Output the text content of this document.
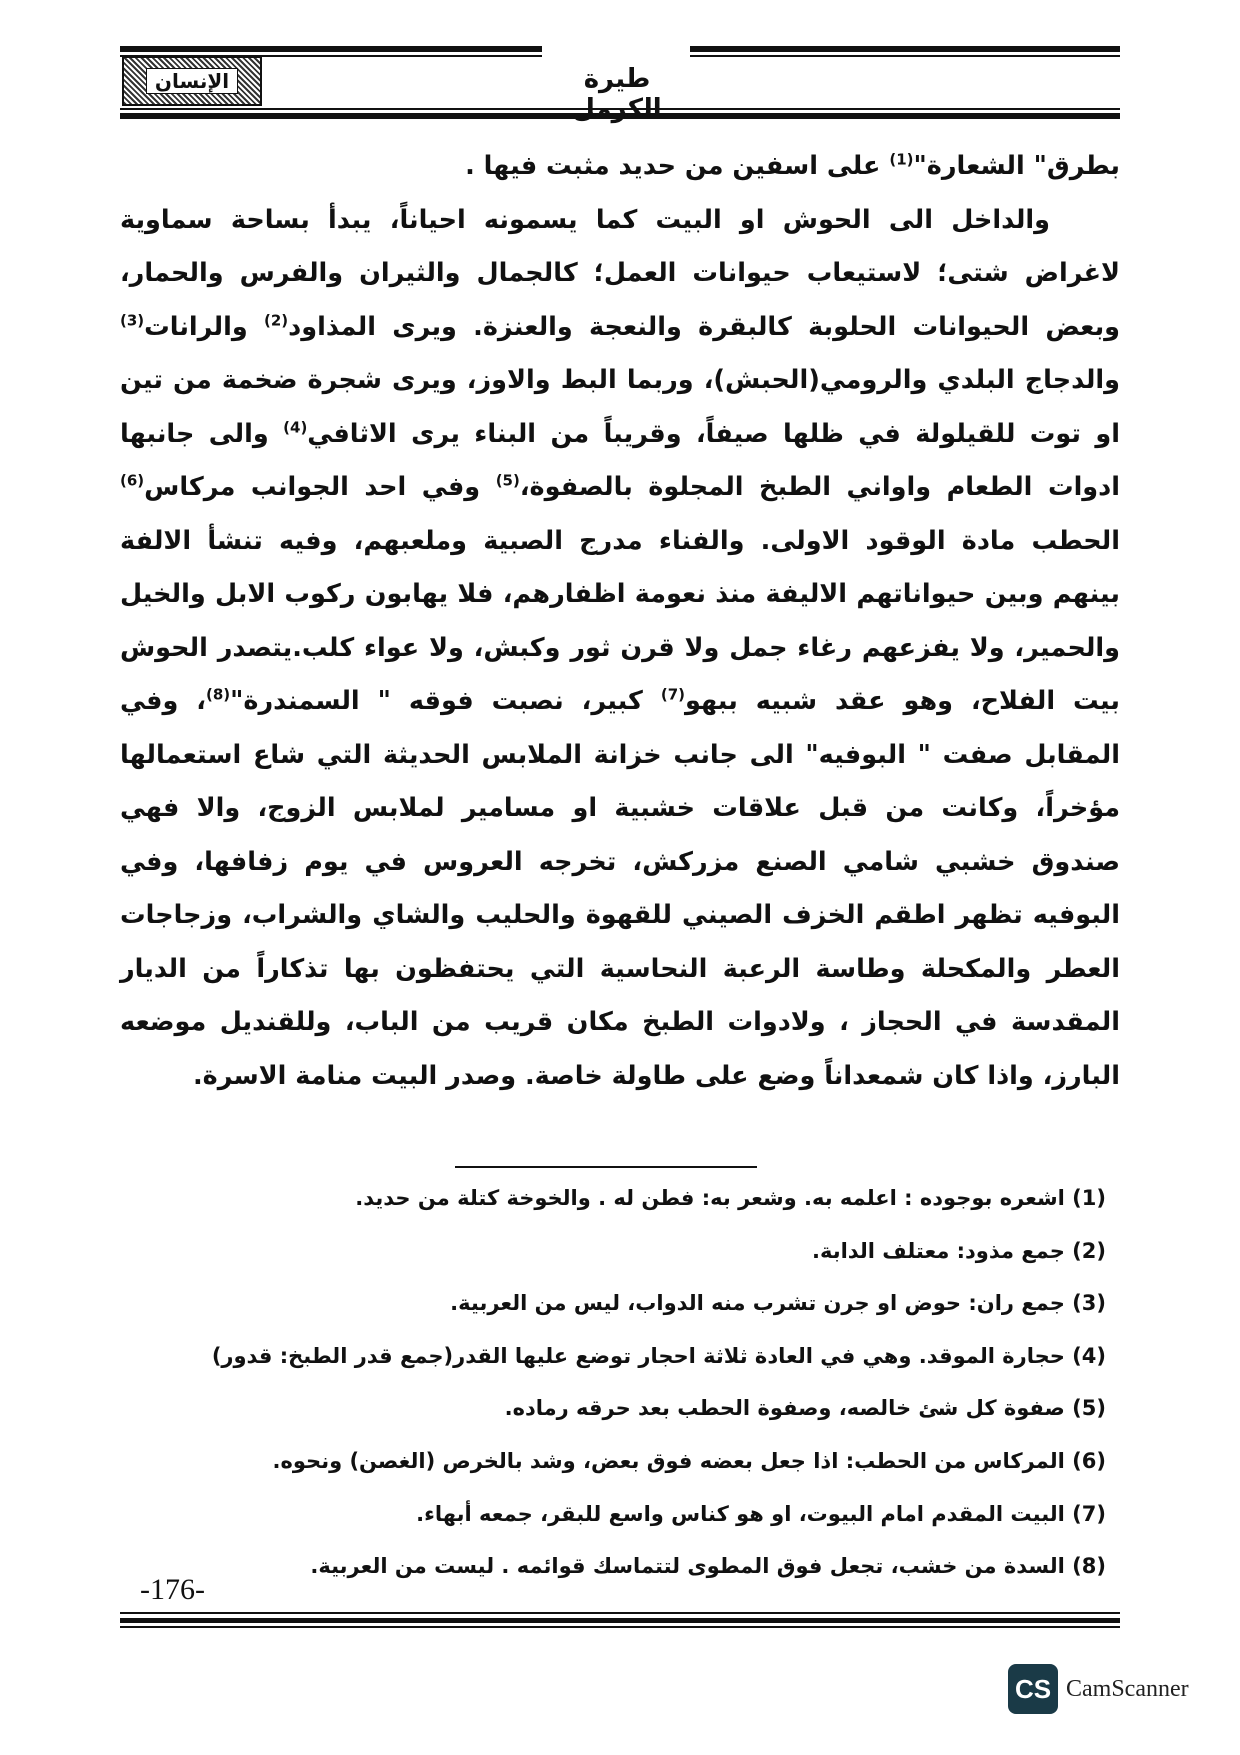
طيرة الكرمل
الإنسان

بطرق" الشعارة"$^{(1)}$ على اسفين من حديد مثبت فيها .

والداخل الى الحوش او البيت كما يسمونه احياناً، يبدأ بساحة سماوية لاغراض شتى؛ لاستيعاب حيوانات العمل؛ كالجمال والثيران والفرس والحمار، وبعض الحيوانات الحلوبة كالبقرة والنعجة والعنزة. ويرى المذاود$^{(2)}$ والرانات$^{(3)}$ والدجاج البلدي والرومي(الحبش)، وربما البط والاوز، ويرى شجرة ضخمة من تين او توت للقيلولة في ظلها صيفاً، وقريباً من البناء يرى الاثافي$^{(4)}$ والى جانبها ادوات الطعام واواني الطبخ المجلوة بالصفوة،$^{(5)}$ وفي احد الجوانب مركاس$^{(6)}$ الحطب مادة الوقود الاولى. والفناء مدرج الصبية وملعبهم، وفيه تنشأ الالفة بينهم وبين حيواناتهم الاليفة منذ نعومة اظفارهم، فلا يهابون ركوب الابل والخيل والحمير، ولا يفزعهم رغاء جمل ولا قرن ثور وكبش، ولا عواء كلب.يتصدر الحوش بيت الفلاح، وهو عقد شبيه ببهو$^{(7)}$ كبير، نصبت فوقه " السمندرة"$^{(8)}$، وفي المقابل صفت " البوفيه" الى جانب خزانة الملابس الحديثة التي شاع استعمالها مؤخراً، وكانت من قبل علاقات خشبية او مسامير لملابس الزوج، والا فهي صندوق خشبي شامي الصنع مزركش، تخرجه العروس في يوم زفافها، وفي البوفيه تظهر اطقم الخزف الصيني للقهوة والحليب والشاي والشراب، وزجاجات العطر والمكحلة وطاسة الرعبة النحاسية التي يحتفظون بها تذكاراً من الديار المقدسة في الحجاز ، ولادوات الطبخ مكان قريب من الباب، وللقنديل موضعه البارز، واذا كان شمعداناً وضع على طاولة خاصة. وصدر البيت منامة الاسرة.

(1) اشعره بوجوده : اعلمه به. وشعر به: فطن له . والخوخة كتلة من حديد.
(2) جمع مذود: معتلف الدابة.
(3) جمع ران: حوض او جرن تشرب منه الدواب، ليس من العربية.
(4) حجارة الموقد. وهي في العادة ثلاثة احجار توضع عليها القدر(جمع قدر الطبخ: قدور)
(5) صفوة كل شئ خالصه، وصفوة الحطب بعد حرقه رماده.
(6) المركاس من الحطب: اذا جعل بعضه فوق بعض، وشد بالخرص (الغصن) ونحوه.
(7) البيت المقدم امام البيوت، او هو كناس واسع للبقر، جمعه أبهاء.
(8) السدة من خشب، تجعل فوق المطوى لتتماسك قوائمه . ليست من العربية.
-176-
CS CamScanner
